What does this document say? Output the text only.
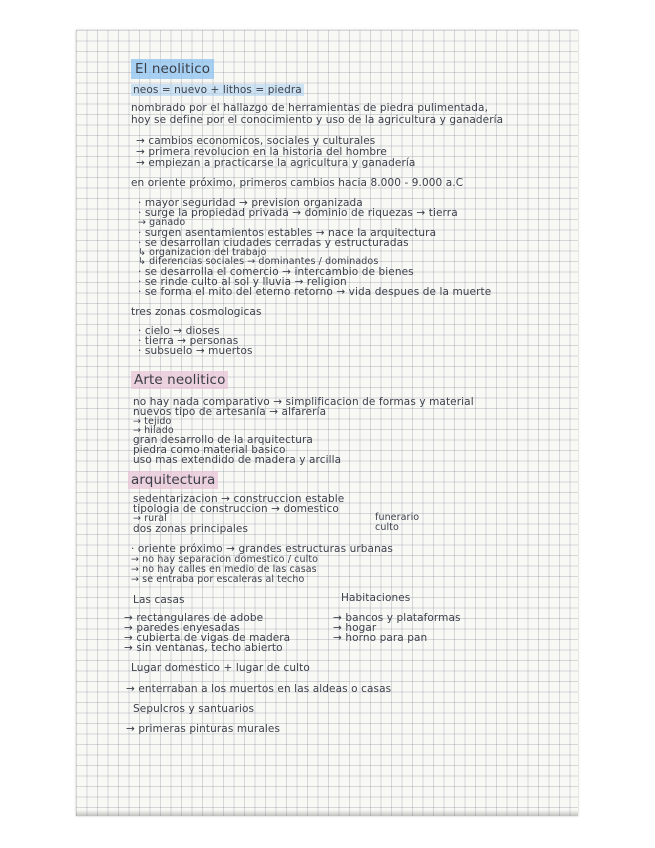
El neolitico
neos = nuevo + lithos = piedra
nombrado por el hallazgo de herramientas de piedra pulimentada,
hoy se define por el conocimiento y uso de la agricultura y ganadería
→ cambios economicos, sociales y culturales
→ primera revolucion en la historia del hombre
→ empiezan a practicarse la agricultura y ganadería
en oriente próximo, primeros cambios hacia 8.000 - 9.000 a.C
· mayor seguridad → prevision organizada
· surge la propiedad privada → dominio de riquezas → tierra
→ ganado
· surgen asentamientos estables → nace la arquitectura
· se desarrollan ciudades cerradas y estructuradas
↳ organizacion del trabajo
↳ diferencias sociales → dominantes / dominados
· se desarrolla el comercio → intercambio de bienes
· se rinde culto al sol y lluvia → religion
· se forma el mito del eterno retorno → vida despues de la muerte
tres zonas cosmologicas
· cielo → dioses
· tierra → personas
· subsuelo → muertos
Arte neolitico
no hay nada comparativo → simplificacion de formas y material
nuevos tipo de artesanía → alfarería
→ tejido
→ hilado
gran desarrollo de la arquitectura
piedra como material basico
uso mas extendido de madera y arcilla
arquitectura
sedentarizacion → construccion estable
tipologia de construccion → domestico
→ rural
dos zonas principales
funerario
culto
· oriente próximo → grandes estructuras urbanas
→ no hay separacion domestico / culto
→ no hay calles en medio de las casas
→ se entraba por escaleras al techo
Las casas	Habitaciones
→ rectangulares de adobe
→ paredes enyesadas
→ cubierta de vigas de madera
→ sin ventanas, techo abierto
→ bancos y plataformas
→ hogar
→ horno para pan
Lugar domestico + lugar de culto
→ enterraban a los muertos en las aldeas o casas
Sepulcros y santuarios
→ primeras pinturas murales
